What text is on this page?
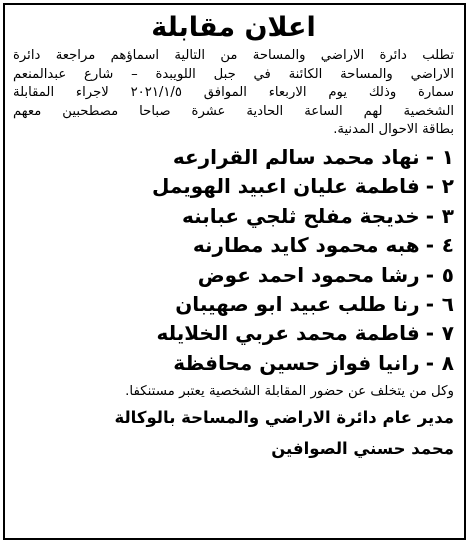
اعلان مقابلة

تطلب دائرة الاراضي والمساحة من التالية اسماؤهم مراجعة دائرة

الاراضي والمساحة الكائنة في جبل اللويبدة – شارع عبدالمنعم

سمارة وذلك يوم الاربعاء الموافق ٢٠٢١/١/٥ لاجراء المقابلة

الشخصية لهم الساعة الحادية عشرة صباحا مصطحبين معهم

بطاقة الاحوال المدنية.

١
-
نهاد محمد سالم القرارعه
٢
-
فاطمة عليان اعبيد الهويمل
٣
-
خديجة مفلح ثلجي عبابنه
٤
-
هبه محمود كايد مطارنه
٥
-
رشا محمود احمد عوض
٦
-
رنا طلب عبيد ابو صهيبان
٧
-
فاطمة محمد عربي الخلايله
٨
-
رانيا فواز حسين محافظة
وكل من يتخلف عن حضور المقابلة الشخصية يعتبر مستنكفا.

مدير عام دائرة الاراضي والمساحة بالوكالة

محمد حسني الصوافين
